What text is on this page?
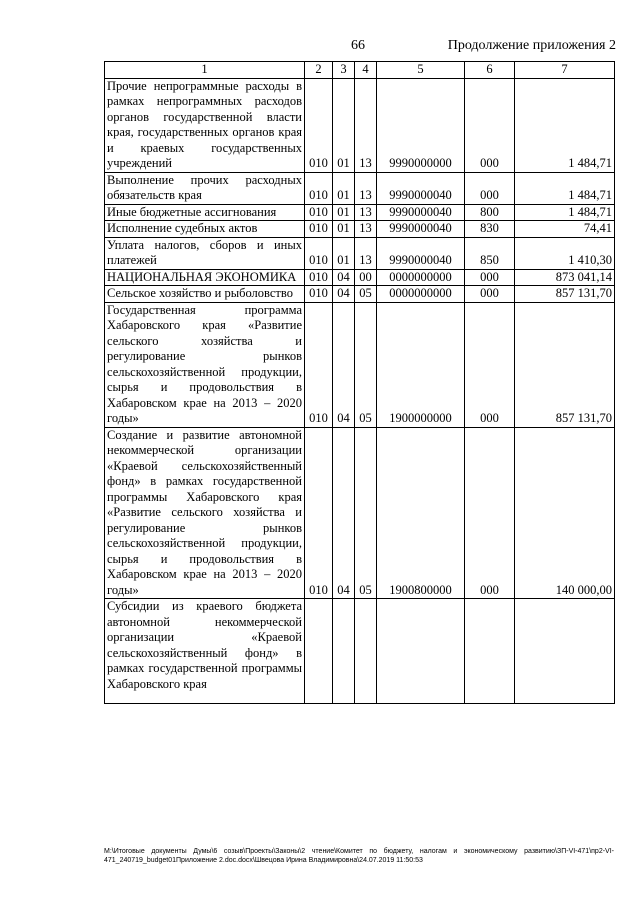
66	Продолжение приложения 2
1	2	3	4	5	6	7
Прочие непрограммные расходы в рамках непрограммных расходов органов государственной власти края, государственных органов края и краевых государственных учреждений	010	01	13	9990000000	000	1 484,71
Выполнение прочих расходных обязательств края	010	01	13	9990000040	000	1 484,71
Иные бюджетные ассигнования	010	01	13	9990000040	800	1 484,71
Исполнение судебных актов	010	01	13	9990000040	830	74,41
Уплата налогов, сборов и иных платежей	010	01	13	9990000040	850	1 410,30
НАЦИОНАЛЬНАЯ ЭКОНОМИКА	010	04	00	0000000000	000	873 041,14
Сельское хозяйство и рыболовство	010	04	05	0000000000	000	857 131,70
Государственная программа Хабаровского края «Развитие сельского хозяйства и регулирование рынков сельскохозяйственной продукции, сырья и продовольствия в Хабаровском крае на 2013 – 2020 годы»	010	04	05	1900000000	000	857 131,70
Создание и развитие автономной некоммерческой организации «Краевой сельскохозяйственный фонд» в рамках государственной программы Хабаровского края «Развитие сельского хозяйства и регулирование рынков сельскохозяйственной продукции, сырья и продовольствия в Хабаровском крае на 2013 – 2020 годы»	010	04	05	1900800000	000	140 000,00
Субсидии из краевого бюджета автономной некоммерческой организации «Краевой сельскохозяйственный фонд» в рамках государственной программы Хабаровского края						
M:\Итоговые документы Думы\6 созыв\Проекты\Законы\2 чтение\Комитет по бюджету, налогам и экономическому развитию\ЗП-VI-471\пр2-VI-471_240719_budget01Приложение 2.doc.docx\Швецова Ирина Владимировна\24.07.2019 11:50:53
